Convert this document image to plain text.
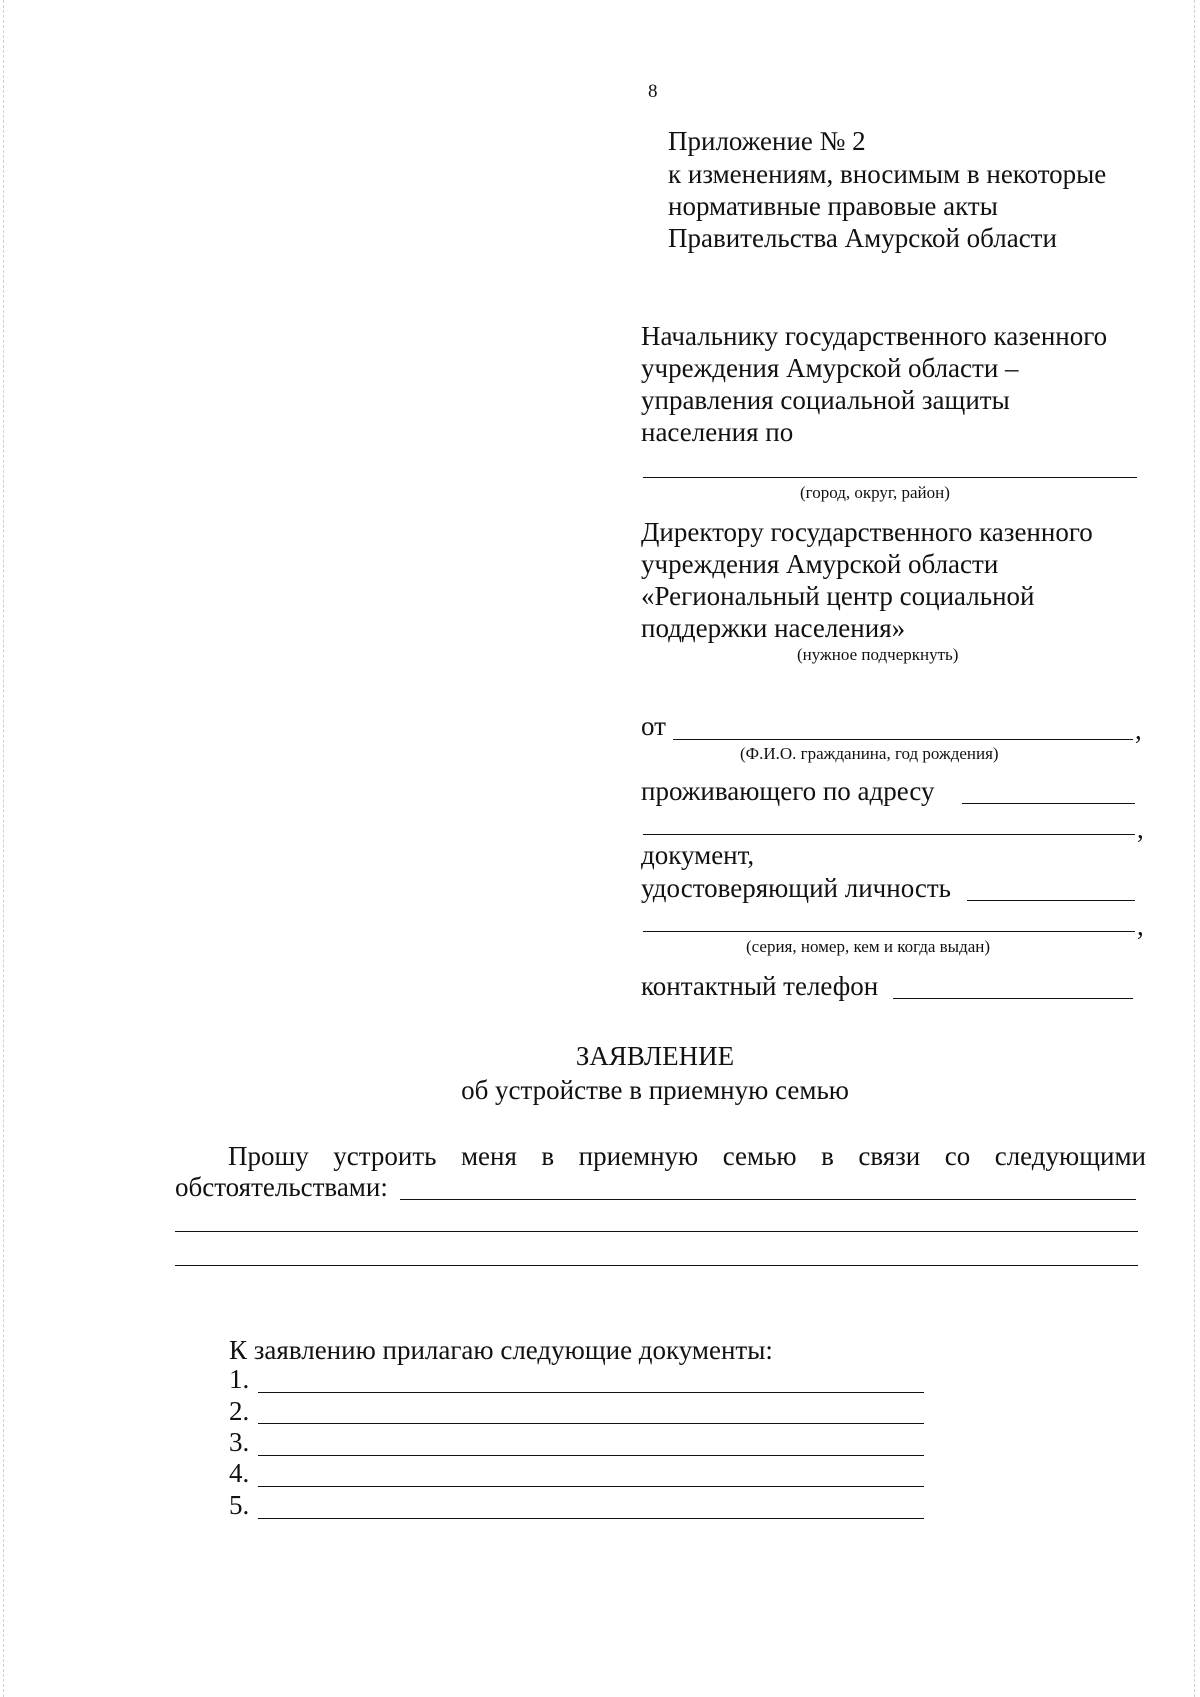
8
Приложение № 2
к изменениям, вносимым в некоторые
нормативные правовые акты
Правительства Амурской области
Начальнику государственного казенного
учреждения Амурской области –
управления социальной защиты
населения по
(город, округ, район)
Директору государственного казенного
учреждения Амурской области
«Региональный центр социальной
поддержки населения»
(нужное подчеркнуть)
от	,
(Ф.И.О. гражданина, год рождения)
проживающего по адресу
,
документ,
удостоверяющий личность
,
(серия, номер, кем и когда выдан)
контактный телефон
ЗАЯВЛЕНИЕ
об устройстве в приемную семью
Прошу устроить меня в приемную семью в связи со следующими
обстоятельствами:
К заявлению прилагаю следующие документы:
1.
2.
3.
4.
5.
